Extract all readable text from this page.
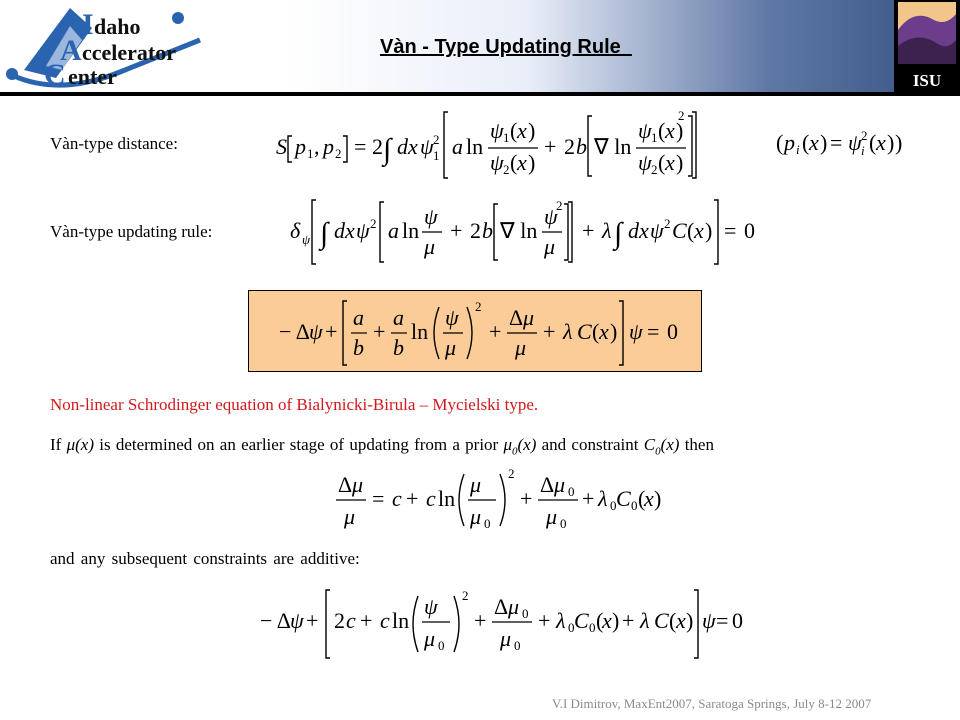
I daho
A ccelerator
C enter	ISU
Vàn - Type Updating Rule_
Vàn-type distance:	S p 1 , p 2 = 2 ∫ dx ψ 2
1 a ln
ψ 1 ( x )
ψ 2 ( x )
+ 2 b ∇ ln
ψ 1 ( x )
ψ 2 ( x )
2
( p i ( x ) = ψ 2
i ( x ) )
Vàn-type updating rule:	δ ψ ∫ dx ψ 2 a ln
ψ
μ
+ 2 b ∇ ln
ψ
μ
2
+ λ ∫ dx ψ 2 C ( x ) = 0
− Δ ψ +
a
b
+
a
b
ln
ψ
μ
2
+
Δ μ
μ
+ λ C ( x ) ψ = 0
Non-linear Schrodinger equation of Bialynicki-Birula – Mycielski type.
If μ(x) is determined on an earlier stage of updating from a prior $\mu_0(x)$ and constraint $C_0(x)$ then
Δ μ
μ
= c + c ln
μ
μ 0
2
+
Δ μ 0
μ 0
+ λ 0 C 0 (
x )
and any subsequent constraints are additive:
− Δ ψ + 2 c + c ln
ψ
μ 0
2
+
Δ μ 0
μ 0
+ λ 0 C 0 (
x ) + λ C ( x ) ψ = 0
V.I Dimitrov, MaxEnt2007, Saratoga Springs, July 8-12 2007
